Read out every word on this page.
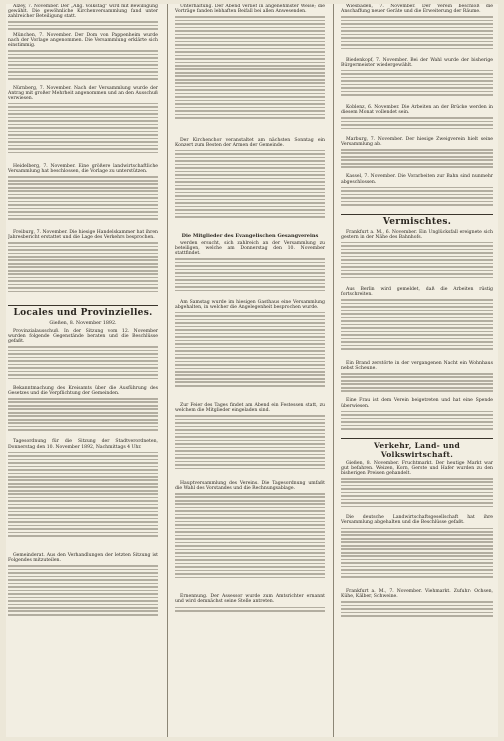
Alzey, 7. November. Der „Allg. Volkstag“ wird mit Bewilligung gewählt. Die gewöhnliche Kirchenversammlung fand unter zahlreicher Beteiligung statt.

München, 7. November. Der Dom von Pappenheim wurde nach der Vorlage angenommen. Die Versammlung erklärte sich einstimmig.

Nürnberg, 7. November. Nach der Versammlung wurde der Antrag mit großer Mehrheit angenommen und an den Ausschuß verwiesen.

Heidelberg, 7. November. Eine größere landwirtschaftliche Versammlung hat beschlossen, die Vorlage zu unterstützen.

Freiburg, 7. November. Die hiesige Handelskammer hat ihren Jahresbericht erstattet und die Lage des Verkehrs besprochen.

Locales und Provinzielles.
Gießen, 8. November 1892.

Provinzialausschuß. In der Sitzung vom 12. November wurden folgende Gegenstände beraten und die Beschlüsse gefaßt.

Bekanntmachung des Kreisamts über die Ausführung des Gesetzes und die Verpflichtung der Gemeinden.

Tagesordnung für die Sitzung der Stadtverordneten, Donnerstag den 10. November 1892, Nachmittags 4 Uhr.

Gemeinderat. Aus den Verhandlungen der letzten Sitzung ist Folgendes mitzuteilen.

Unterhaltung. Der Abend verlief in angenehmster Weise; die Vorträge fanden lebhaften Beifall bei allen Anwesenden.

Der Kirchenchor veranstaltet am nächsten Sonntag ein Konzert zum Besten der Armen der Gemeinde.

Die Mitglieder des Evangelischen Gesangvereins

werden ersucht, sich zahlreich an der Versammlung zu beteiligen, welche am Donnerstag den 10. November stattfindet.

Am Samstag wurde im hiesigen Gasthaus eine Versammlung abgehalten, in welcher die Angelegenheit besprochen wurde.

Zur Feier des Tages findet am Abend ein Festessen statt, zu welchem die Mitglieder eingeladen sind.

Hauptversammlung des Vereins. Die Tagesordnung umfaßt die Wahl des Vorstandes und die Rechnungsablage.

Ernennung. Der Assessor wurde zum Amtsrichter ernannt und wird demnächst seine Stelle antreten.

Wiesbaden, 7. November. Der Verein beschloß die Anschaffung neuer Geräte und die Erweiterung der Räume.

Biedenkopf, 7. November. Bei der Wahl wurde der bisherige Bürgermeister wiedergewählt.

Koblenz, 6. November. Die Arbeiten an der Brücke werden in diesem Monat vollendet sein.

Marburg, 7. November. Der hiesige Zweigverein hielt seine Versammlung ab.

Kassel, 7. November. Die Vorarbeiten zur Bahn sind nunmehr abgeschlossen.

Vermischtes.

Frankfurt a. M., 6. November. Ein Unglücksfall ereignete sich gestern in der Nähe des Bahnhofs.

Aus Berlin wird gemeldet, daß die Arbeiten rüstig fortschreiten.

Ein Brand zerstörte in der vergangenen Nacht ein Wohnhaus nebst Scheune.

Eine Frau ist dem Verein beigetreten und hat eine Spende überwiesen.

Verkehr, Land- und Volkswirtschaft.

Gießen, 8. November. Fruchtmarkt. Der heutige Markt war gut befahren. Weizen, Korn, Gerste und Hafer wurden zu den bisherigen Preisen gehandelt.

Die deutsche Landwirtschaftsgesellschaft hat ihre Versammlung abgehalten und die Beschlüsse gefaßt.

Frankfurt a. M., 7. November. Viehmarkt. Zufuhr: Ochsen, Kühe, Kälber, Schweine.
